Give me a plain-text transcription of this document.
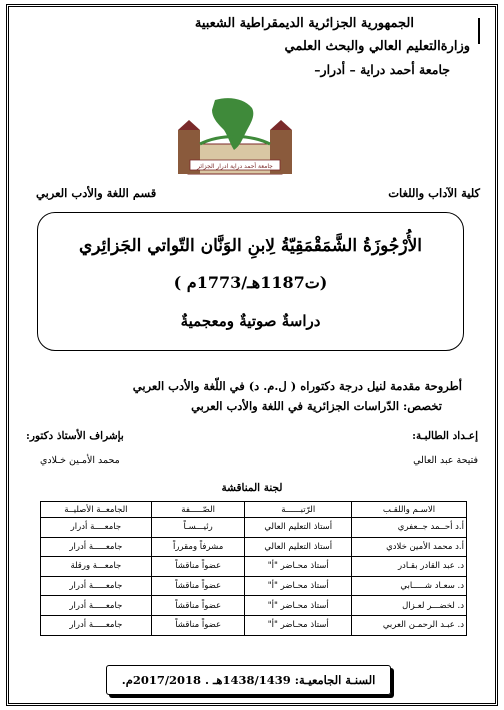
الجمهورية الجزائرية الديمقراطية الشعبية
وزارةالتعليم العالي والبحث العلمي
جامعة أحمد دراية – أدرار–
جامعة أحمد دراية ادرار الجزائر
كلية الآداب واللغات
قسم اللغة والأدب العربي
الأُرْجُوزَةُ الشَّمَقْمَقِيّةُ لِابنِ الوَنَّان التّواتي الجَزائِري
(ت1187هـ/1773م )
دراسةٌ صوتيةٌ ومعجميةٌ
أطروحة مقدمة لنيل درجة دكتوراه ( ل.م. د) في اللّغة والأدب العربي
تخصص: الدّراسات الجزائرية في اللغة والأدب العربي
إعـداد الطالبـة:
بإشراف الأستاذ دكتور:
فتيحة عبد العالي
محمد الأمـين خـلادي
لجنة المناقشة
الاسـم واللقـب	الرّتبــــــة	الصّـــــفة	الجامعــة الأصليــة
أ.د أحــمد جــعفري	أستاذ التعليم العالي	رئيـــسـاً	جامعــــة أدرار
أ.د محمد الأمين خلادي	أستاذ التعليم العالي	مشرفاً ومقرراً	جامعـــــة أدرار
د. عبد القادر بقـادر	أستاذ محـاضر "أ"	عضواً مناقشاً	جامعـــة ورقلة
د. سعـاد شـــــابي	أستاذ محـاضر "أ"	عضواً مناقشاً	جامعـــــة أدرار
د. لخضـــر لعـزال	أستاذ محـاضر "أ"	عضواً مناقشاً	جامعـــــة أدرار
د. عبـد الرحمـن العربي	أستاذ محـاضر "أ"	عضواً مناقشاً	جامعـــــة أدرار
السنـة الجامعيـة: 1438/1439هـ . 2017/2018م.
